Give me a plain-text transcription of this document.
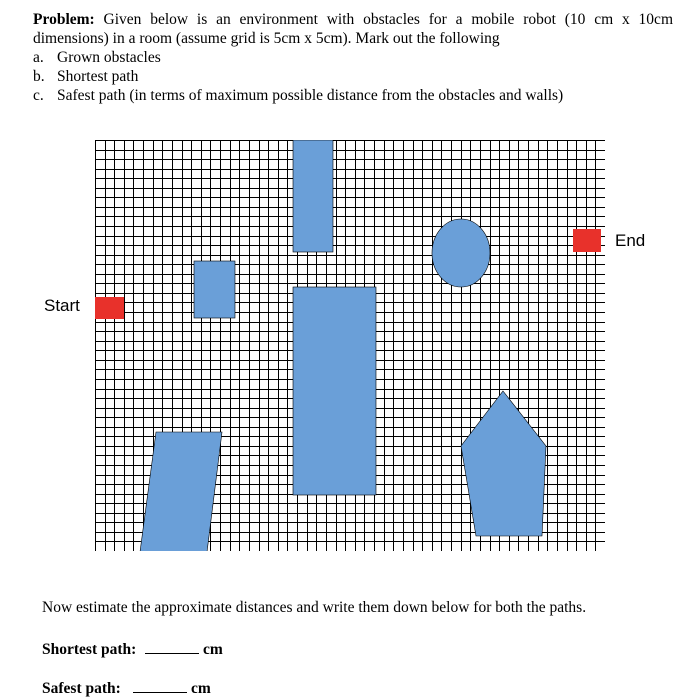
Problem: Given below is an environment with obstacles for a mobile robot (10 cm x 10cm dimensions) in a room (assume grid is 5cm x 5cm). Mark out the following
a. Grown obstacles
b. Shortest path
c. Safest path (in terms of maximum possible distance from the obstacles and walls)
Start
End
Now estimate the approximate distances and write them down below for both the paths.
Shortest path:	cm
Safest path:	cm
